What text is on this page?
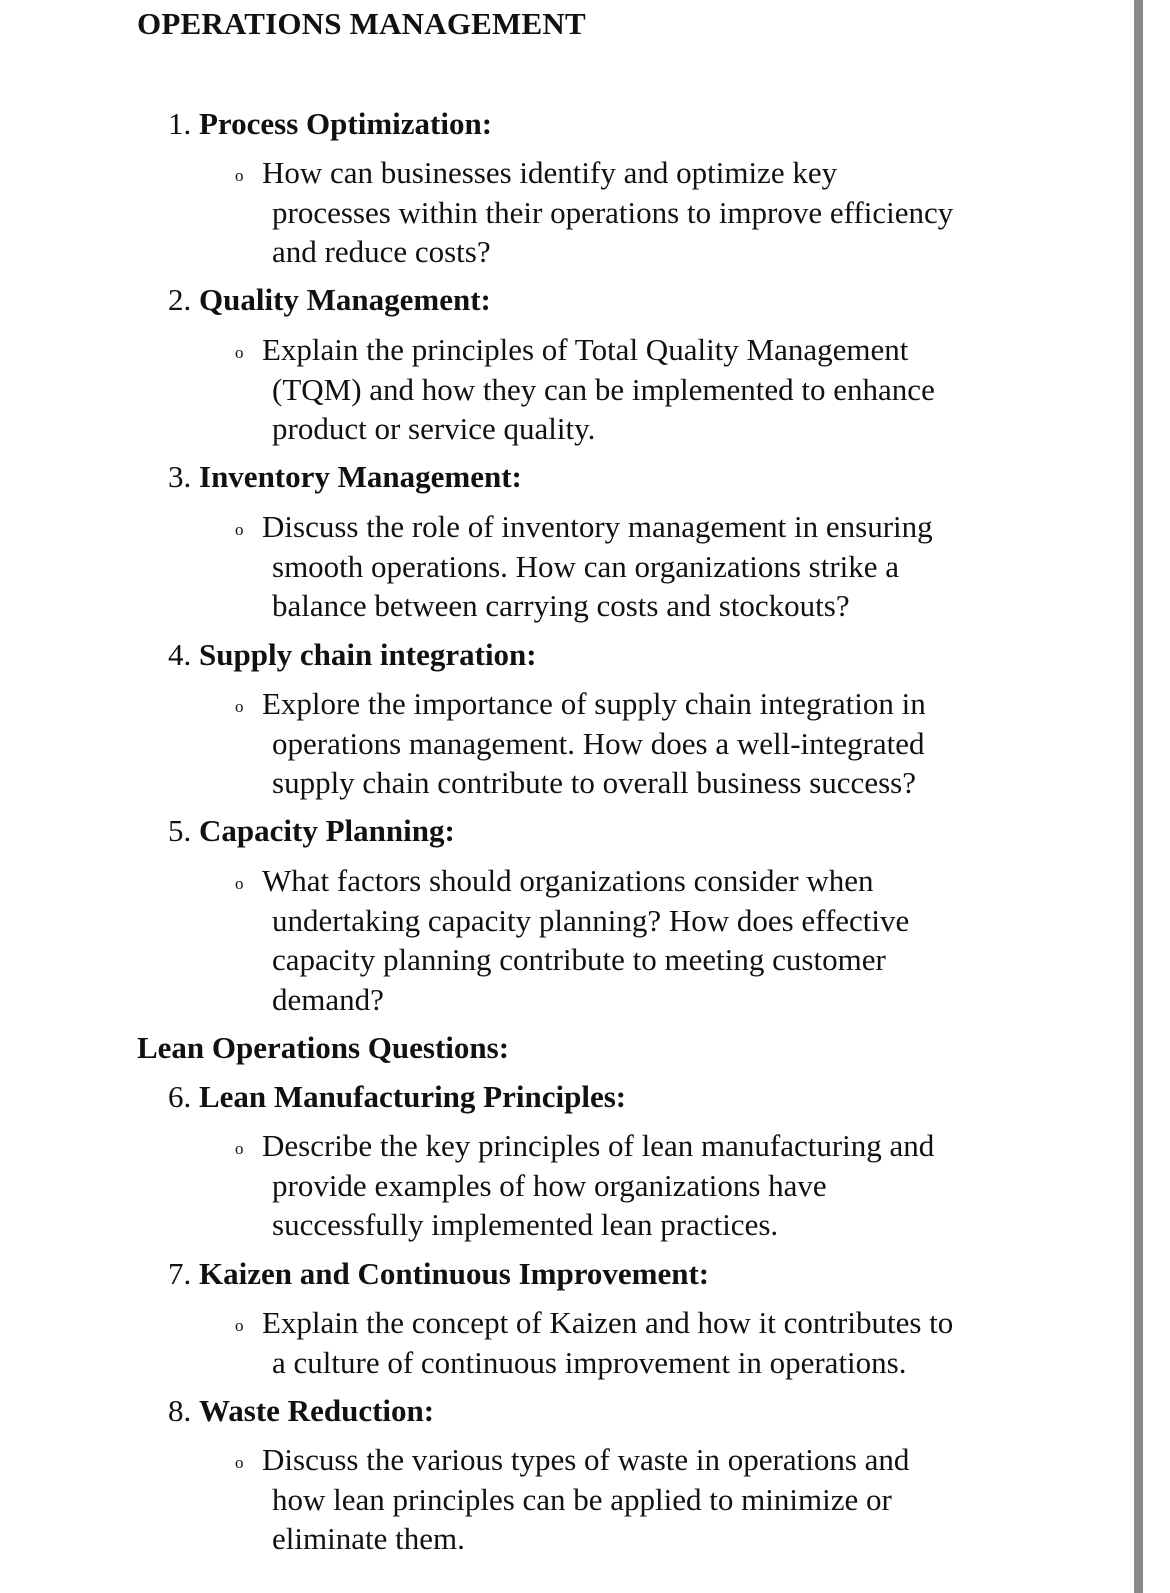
OPERATIONS MANAGEMENT
1. Process Optimization:
o How can businesses identify and optimize key
processes within their operations to improve efficiency
and reduce costs?
2. Quality Management:
o Explain the principles of Total Quality Management
(TQM) and how they can be implemented to enhance
product or service quality.
3. Inventory Management:
o Discuss the role of inventory management in ensuring
smooth operations. How can organizations strike a
balance between carrying costs and stockouts?
4. Supply chain integration:
o Explore the importance of supply chain integration in
operations management. How does a well-integrated
supply chain contribute to overall business success?
5. Capacity Planning:
o What factors should organizations consider when
undertaking capacity planning? How does effective
capacity planning contribute to meeting customer
demand?
Lean Operations Questions:
6. Lean Manufacturing Principles:
o Describe the key principles of lean manufacturing and
provide examples of how organizations have
successfully implemented lean practices.
7. Kaizen and Continuous Improvement:
o Explain the concept of Kaizen and how it contributes to
a culture of continuous improvement in operations.
8. Waste Reduction:
o Discuss the various types of waste in operations and
how lean principles can be applied to minimize or
eliminate them.
